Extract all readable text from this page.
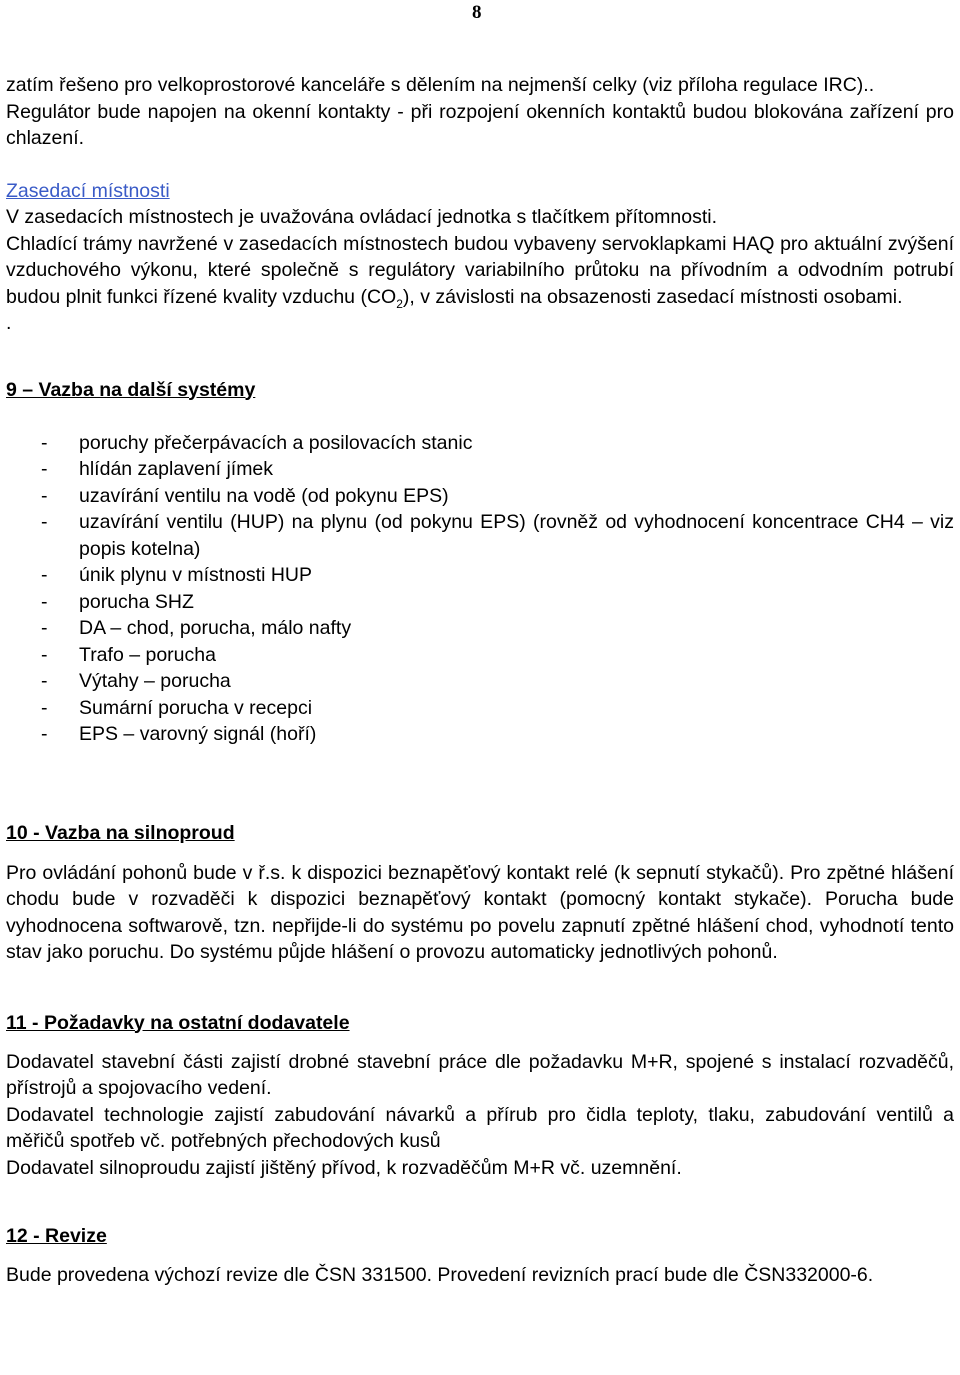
8

zatím řešeno pro velkoprostorové kanceláře s dělením na nejmenší celky (viz příloha regulace IRC)..

Regulátor bude napojen na okenní kontakty - při rozpojení okenních kontaktů budou blokována zařízení pro chlazení.

Zasedací místnosti

V zasedacích místnostech je uvažována ovládací jednotka s tlačítkem přítomnosti.

Chladící trámy navržené v zasedacích místnostech budou vybaveny servoklapkami HAQ pro aktuální zvýšení vzduchového výkonu, které společně s regulátory variabilního průtoku na přívodním a odvodním potrubí budou plnit funkci řízené kvality vzduchu $(CO_2)$, v závislosti na obsazenosti zasedací místnosti osobami.

.

9 – Vazba na další systémy

- poruchy přečerpávacích a posilovacích stanic
- hlídán zaplavení jímek
- uzavírání ventilu na vodě (od pokynu EPS)
- uzavírání ventilu (HUP) na plynu (od pokynu EPS) (rovněž od vyhodnocení koncentrace CH4 – viz popis kotelna)
- únik plynu v místnosti HUP
- porucha SHZ
- DA – chod, porucha, málo nafty
- Trafo – porucha
- Výtahy – porucha
- Sumární porucha v recepci
- EPS – varovný signál (hoří)

10 - Vazba na silnoproud

Pro ovládání pohonů bude v ř.s. k dispozici beznapěťový kontakt relé (k sepnutí stykačů). Pro zpětné hlášení chodu bude v rozvaděči k dispozici beznapěťový kontakt (pomocný kontakt stykače). Porucha bude vyhodnocena softwarově, tzn. nepřijde-li do systému po povelu zapnutí zpětné hlášení chod, vyhodnotí tento stav jako poruchu. Do systému půjde hlášení o provozu automaticky jednotlivých pohonů.

11 - Požadavky na ostatní dodavatele

Dodavatel stavební části zajistí drobné stavební práce dle požadavku M+R, spojené s instalací rozvaděčů, přístrojů a spojovacího vedení.

Dodavatel technologie zajistí zabudování návarků a přírub pro čidla teploty, tlaku, zabudování ventilů a měřičů spotřeb vč. potřebných přechodových kusů

Dodavatel silnoproudu zajistí jištěný přívod, k rozvaděčům M+R vč. uzemnění.

12 - Revize

Bude provedena výchozí revize dle ČSN 331500. Provedení revizních prací bude dle ČSN332000-6.
